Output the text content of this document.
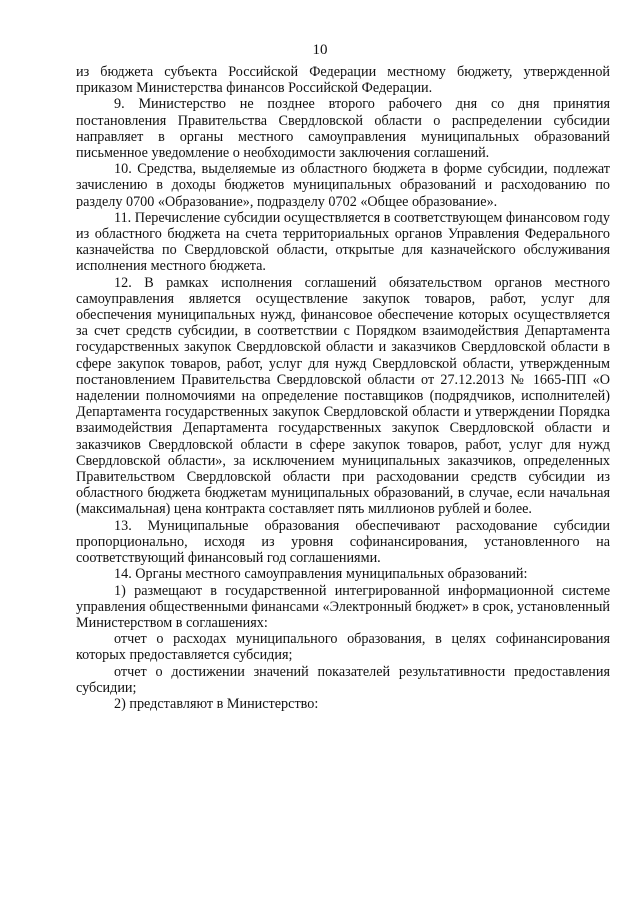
10

из бюджета субъекта Российской Федерации местному бюджету, утвержденной приказом Министерства финансов Российской Федерации.

9. Министерство не позднее второго рабочего дня со дня принятия постановления Правительства Свердловской области о распределении субсидии направляет в органы местного самоуправления муниципальных образований письменное уведомление о необходимости заключения соглашений.

10. Средства, выделяемые из областного бюджета в форме субсидии, подлежат зачислению в доходы бюджетов муниципальных образований и расходованию по разделу 0700 «Образование», подразделу 0702 «Общее образование».

11. Перечисление субсидии осуществляется в соответствующем финансовом году из областного бюджета на счета территориальных органов Управления Федерального казначейства по Свердловской области, открытые для казначейского обслуживания исполнения местного бюджета.

12. В рамках исполнения соглашений обязательством органов местного самоуправления является осуществление закупок товаров, работ, услуг для обеспечения муниципальных нужд, финансовое обеспечение которых осуществляется за счет средств субсидии, в соответствии с Порядком взаимодействия Департамента государственных закупок Свердловской области и заказчиков Свердловской области в сфере закупок товаров, работ, услуг для нужд Свердловской области, утвержденным постановлением Правительства Свердловской области от 27.12.2013 № 1665-ПП «О наделении полномочиями на определение поставщиков (подрядчиков, исполнителей) Департамента государственных закупок Свердловской области и утверждении Порядка взаимодействия Департамента государственных закупок Свердловской области и заказчиков Свердловской области в сфере закупок товаров, работ, услуг для нужд Свердловской области», за исключением муниципальных заказчиков, определенных Правительством Свердловской области при расходовании средств субсидии из областного бюджета бюджетам муниципальных образований, в случае, если начальная (максимальная) цена контракта составляет пять миллионов рублей и более.

13. Муниципальные образования обеспечивают расходование субсидии пропорционально, исходя из уровня софинансирования, установленного на соответствующий финансовый год соглашениями.

14. Органы местного самоуправления муниципальных образований:

1) размещают в государственной интегрированной информационной системе управления общественными финансами «Электронный бюджет» в срок, установленный Министерством в соглашениях:

отчет о расходах муниципального образования, в целях софинансирования которых предоставляется субсидия;

отчет о достижении значений показателей результативности предоставления субсидии;

2) представляют в Министерство:
